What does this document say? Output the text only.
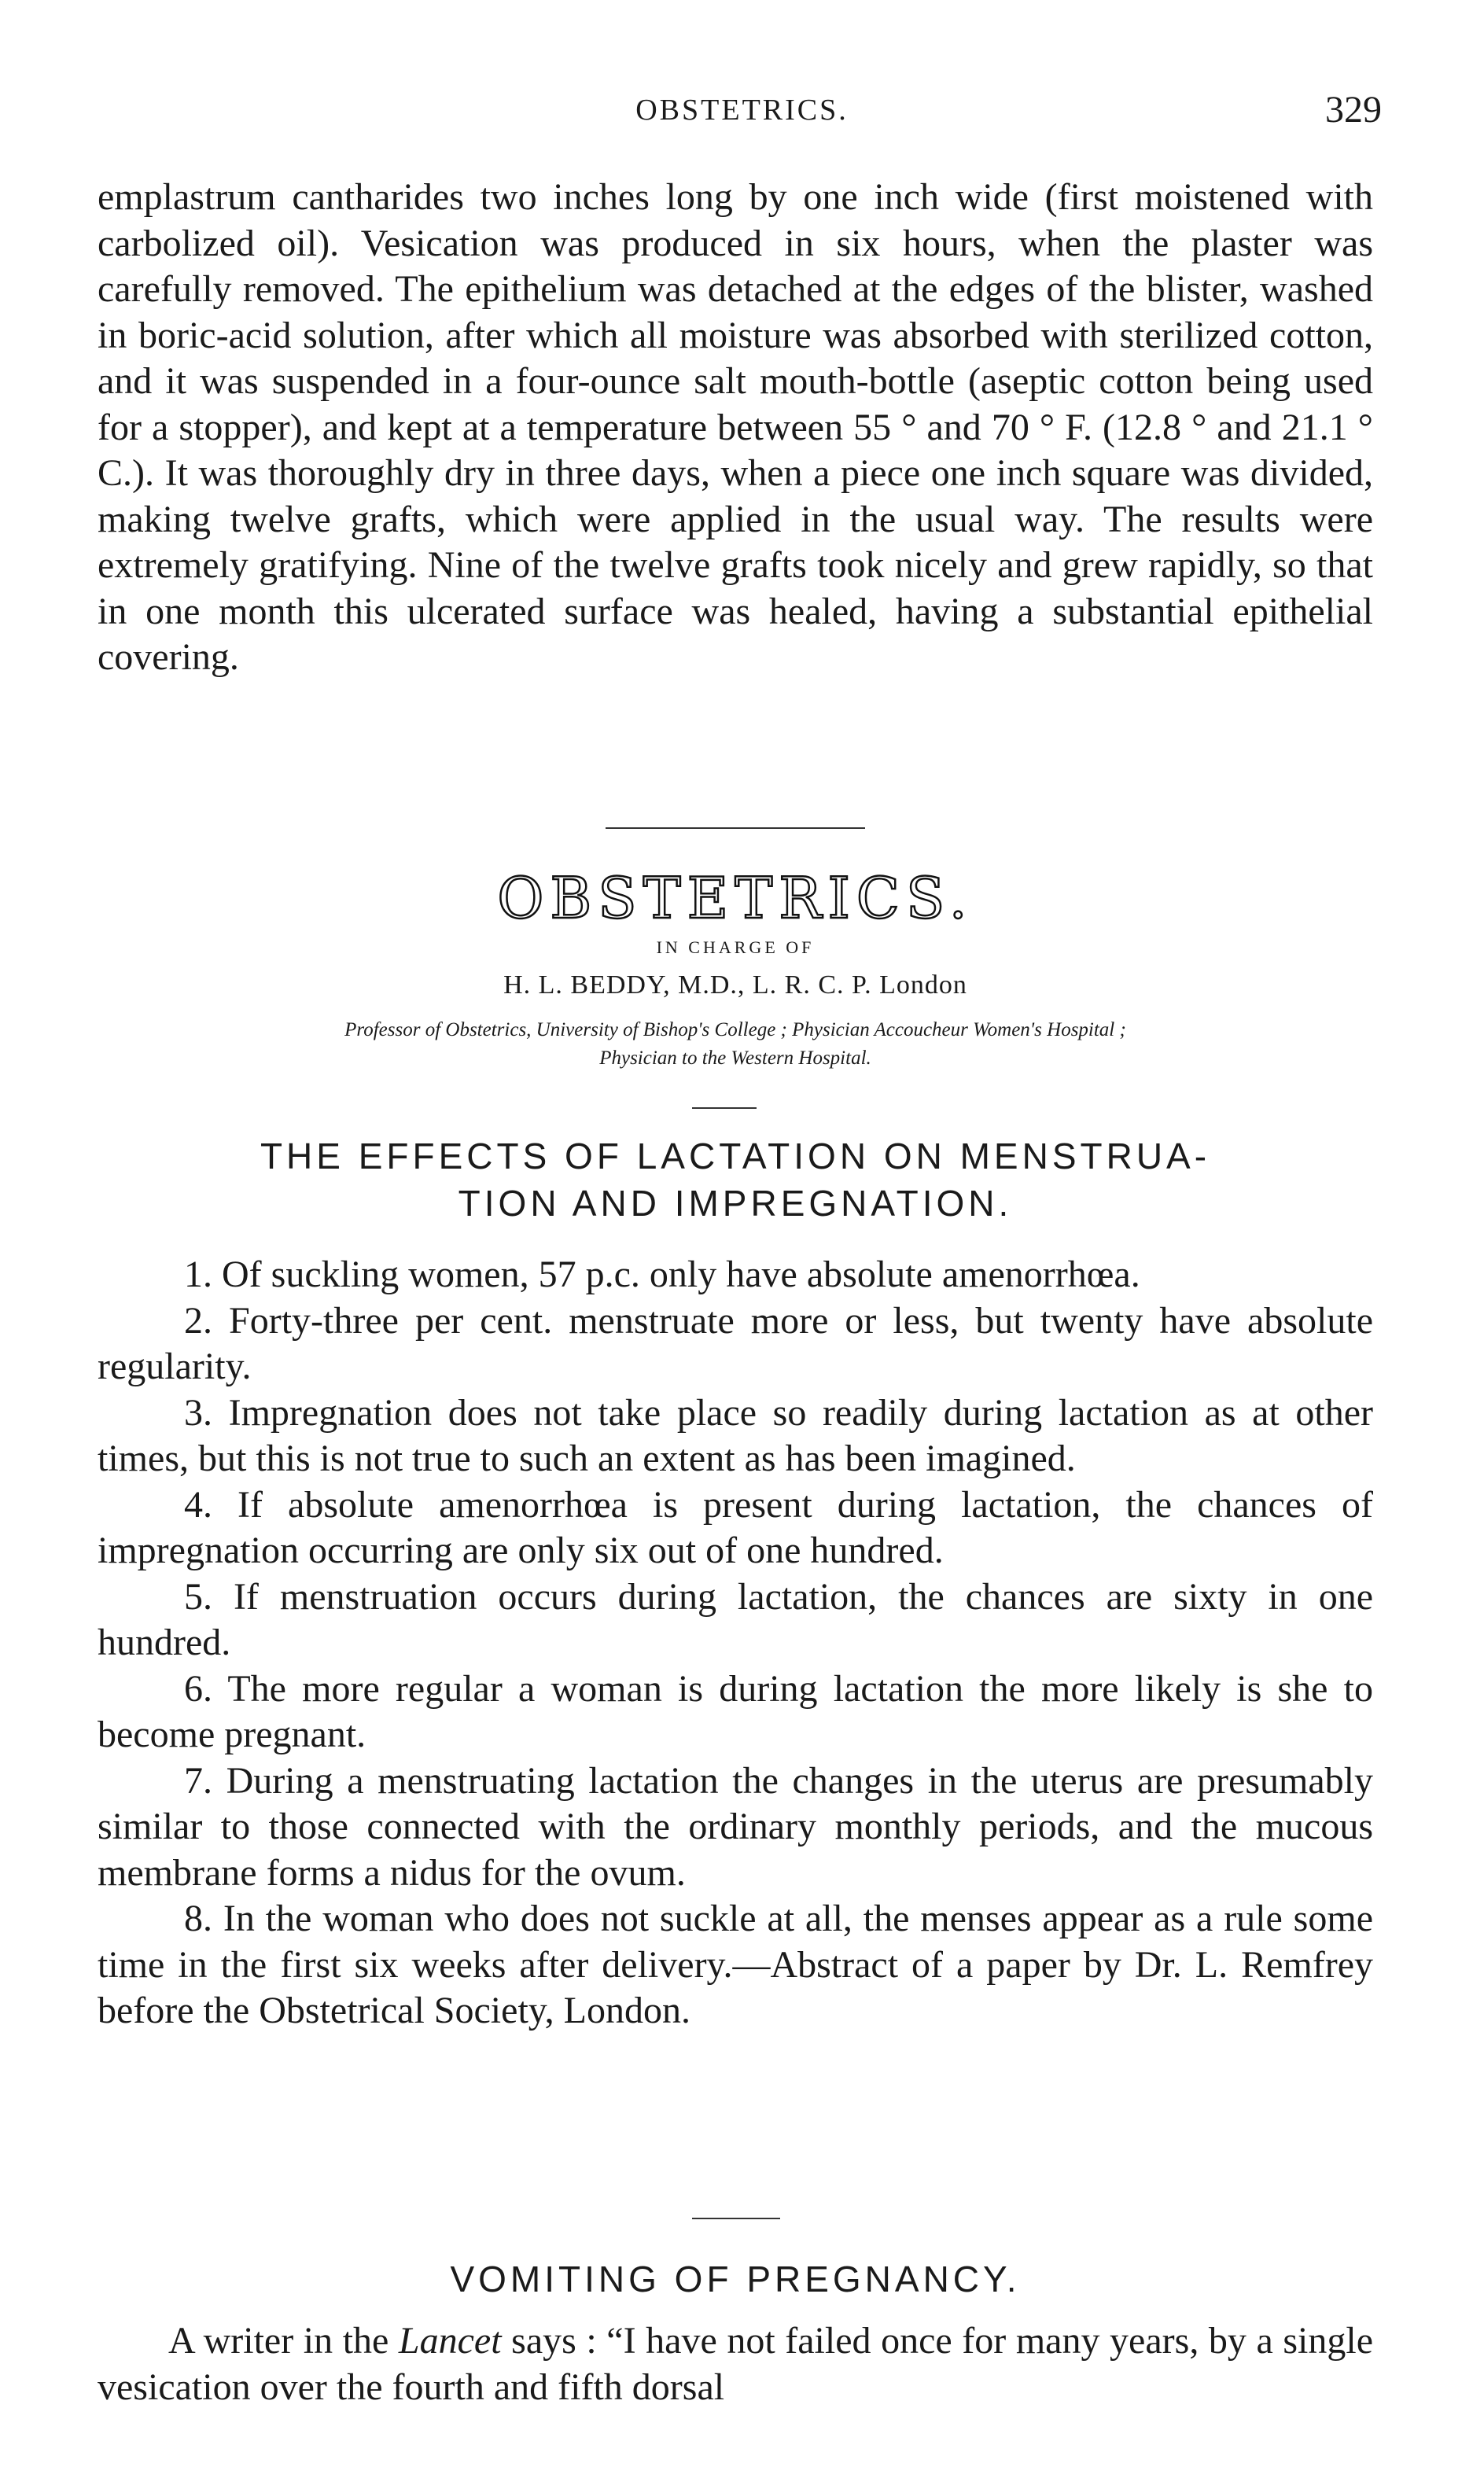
OBSTETRICS.	329

emplastrum cantharides two inches long by one inch wide (first moistened with carbolized oil). Vesication was produced in six hours, when the plaster was carefully removed. The epithelium was detached at the edges of the blister, washed in boric-acid solution, after which all moisture was absorbed with sterilized cotton, and it was suspended in a four-ounce salt mouth-bottle (aseptic cotton being used for a stopper), and kept at a temperature between 55 ° and 70 ° F. (12.8 ° and 21.1 ° C.). It was thoroughly dry in three days, when a piece one inch square was divided, making twelve grafts, which were applied in the usual way. The results were extremely gratifying. Nine of the twelve grafts took nicely and grew rapidly, so that in one month this ulcerated surface was healed, having a substantial epithelial covering.

OBSTETRICS.
IN CHARGE OF
H. L. BEDDY, M.D., L. R. C. P. London
Professor of Obstetrics, University of Bishop's College ; Physician Accoucheur Women's Hospital ;
Physician to the Western Hospital.
THE EFFECTS OF LACTATION ON MENSTRUA-
TION AND IMPREGNATION.

1. Of suckling women, 57 p.c. only have absolute amenorrhœa.

2. Forty-three per cent. menstruate more or less, but twenty have absolute regularity.

3. Impregnation does not take place so readily during lactation as at other times, but this is not true to such an extent as has been imagined.

4. If absolute amenorrhœa is present during lactation, the chances of impregnation occurring are only six out of one hundred.

5. If menstruation occurs during lactation, the chances are sixty in one hundred.

6. The more regular a woman is during lactation the more likely is she to become pregnant.

7. During a menstruating lactation the changes in the uterus are presumably similar to those connected with the ordinary monthly periods, and the mucous membrane forms a nidus for the ovum.

8. In the woman who does not suckle at all, the menses appear as a rule some time in the first six weeks after delivery.—Abstract of a paper by Dr. L. Remfrey before the Obstetrical Society, London.

VOMITING OF PREGNANCY.

A writer in the Lancet says : “I have not failed once for many years, by a single vesication over the fourth and fifth dorsal
